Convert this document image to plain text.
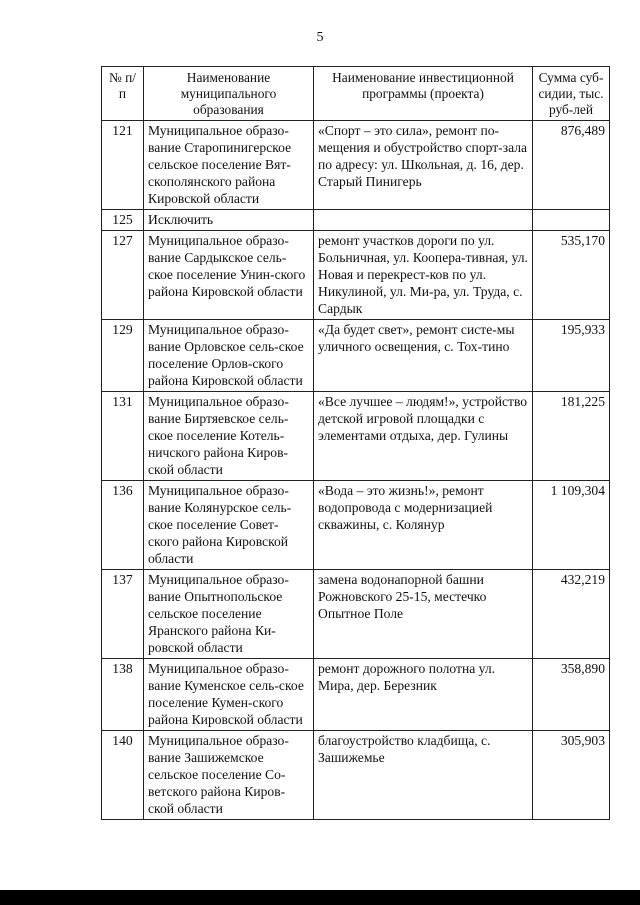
5
№ п/п	Наименование муниципального образования	Наименование инвестиционной программы (проекта)	Сумма суб-сидии, тыс. руб-лей
121	Муниципальное образо-вание Старопинигерское сельское поселение Вят-скополянского района Кировской области	«Спорт – это сила», ремонт по-мещения и обустройство спорт-зала по адресу: ул. Школьная, д. 16, дер. Старый Пинигерь	876,489
125	Исключить		
127	Муниципальное образо-вание Сардыкское сель-ское поселение Унин-ского района Кировской области	ремонт участков дороги по ул. Больничная, ул. Коопера-тивная, ул. Новая и перекрест-ков по ул. Никулиной, ул. Ми-ра, ул. Труда, с. Сардык	535,170
129	Муниципальное образо-вание Орловское сель-ское поселение Орлов-ского района Кировской области	«Да будет свет», ремонт систе-мы уличного освещения, с. Тох-тино	195,933
131	Муниципальное образо-вание Биртяевское сель-ское поселение Котель-ничского района Киров-ской области	«Все лучшее – людям!», устройство детской игровой площадки с элементами отдыха, дер. Гулины	181,225
136	Муниципальное образо-вание Колянурское сель-ское поселение Совет-ского района Кировской области	«Вода – это жизнь!», ремонт водопровода с модернизацией скважины, с. Колянур	1 109,304
137	Муниципальное образо-вание Опытнопольское сельское поселение Яранского района Ки-ровской области	замена водонапорной башни Рожновского 25-15, местечко Опытное Поле	432,219
138	Муниципальное образо-вание Куменское сель-ское поселение Кумен-ского района Кировской области	ремонт дорожного полотна ул. Мира, дер. Березник	358,890
140	Муниципальное образо-вание Зашижемское сельское поселение Со-ветского района Киров-ской области	благоустройство кладбища, с. Зашижемье	305,903
